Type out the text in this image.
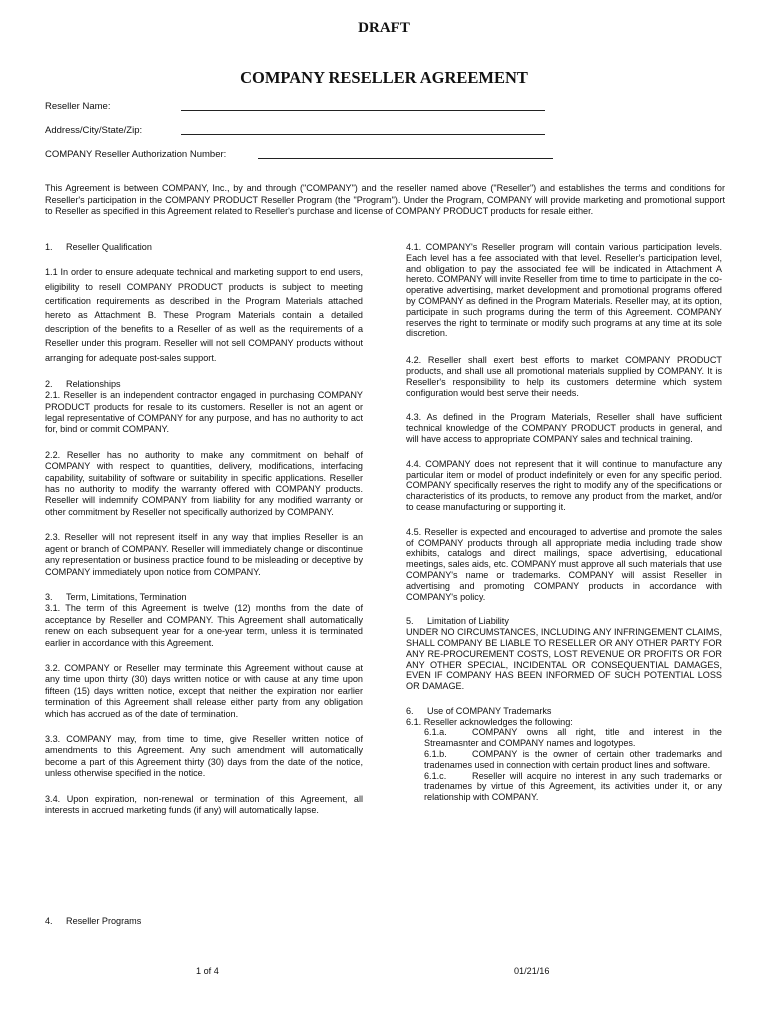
DRAFT
COMPANY RESELLER AGREEMENT
Reseller Name:
Address/City/State/Zip:
COMPANY Reseller Authorization Number:
This Agreement is between COMPANY, Inc., by and through ("COMPANY") and the reseller named above ("Reseller") and establishes the terms and conditions for Reseller's participation in the COMPANY PRODUCT Reseller Program (the "Program"). Under the Program, COMPANY will provide marketing and promotional support to Reseller as specified in this Agreement related to Reseller's purchase and license of COMPANY PRODUCT products for resale either.

1. Reseller Qualification

1.1 In order to ensure adequate technical and marketing support to end users, eligibility to resell COMPANY PRODUCT products is subject to meeting certification requirements as described in the Program Materials attached hereto as Attachment B. These Program Materials contain a detailed description of the benefits to a Reseller of as well as the requirements of a Reseller under this program. Reseller will not sell COMPANY products without arranging for adequate post-sales support.

2. Relationships

2.1. Reseller is an independent contractor engaged in purchasing COMPANY PRODUCT products for resale to its customers. Reseller is not an agent or legal representative of COMPANY for any purpose, and has no authority to act for, bind or commit COMPANY.

2.2. Reseller has no authority to make any commitment on behalf of COMPANY with respect to quantities, delivery, modifications, interfacing capability, suitability of software or suitability in specific applications. Reseller has no authority to modify the warranty offered with COMPANY products. Reseller will indemnify COMPANY from liability for any modified warranty or other commitment by Reseller not specifically authorized by COMPANY.

2.3. Reseller will not represent itself in any way that implies Reseller is an agent or branch of COMPANY. Reseller will immediately change or discontinue any representation or business practice found to be misleading or deceptive by COMPANY immediately upon notice from COMPANY.

3. Term, Limitations, Termination

3.1. The term of this Agreement is twelve (12) months from the date of acceptance by Reseller and COMPANY. This Agreement shall automatically renew on each subsequent year for a one-year term, unless it is terminated earlier in accordance with this Agreement.

3.2. COMPANY or Reseller may terminate this Agreement without cause at any time upon thirty (30) days written notice or with cause at any time upon fifteen (15) days written notice, except that neither the expiration nor earlier termination of this Agreement shall release either party from any obligation which has accrued as of the date of termination.

3.3. COMPANY may, from time to time, give Reseller written notice of amendments to this Agreement. Any such amendment will automatically become a part of this Agreement thirty (30) days from the date of the notice, unless otherwise specified in the notice.

3.4. Upon expiration, non-renewal or termination of this Agreement, all interests in accrued marketing funds (if any) will automatically lapse.

4. Reseller Programs

4.1. COMPANY's Reseller program will contain various participation levels. Each level has a fee associated with that level. Reseller's participation level, and obligation to pay the associated fee will be indicated in Attachment A hereto. COMPANY will invite Reseller from time to time to participate in the co-operative advertising, market development and promotional programs offered by COMPANY as defined in the Program Materials. Reseller may, at its option, participate in such programs during the term of this Agreement. COMPANY reserves the right to terminate or modify such programs at any time at its sole discretion.

4.2. Reseller shall exert best efforts to market COMPANY PRODUCT products, and shall use all promotional materials supplied by COMPANY. It is Reseller's responsibility to help its customers determine which system configuration would best serve their needs.

4.3. As defined in the Program Materials, Reseller shall have sufficient technical knowledge of the COMPANY PRODUCT products in general, and will have access to appropriate COMPANY sales and technical training.

4.4. COMPANY does not represent that it will continue to manufacture any particular item or model of product indefinitely or even for any specific period. COMPANY specifically reserves the right to modify any of the specifications or characteristics of its products, to remove any product from the market, and/or to cease manufacturing or supporting it.

4.5. Reseller is expected and encouraged to advertise and promote the sales of COMPANY products through all appropriate media including trade show exhibits, catalogs and direct mailings, space advertising, educational meetings, sales aids, etc. COMPANY must approve all such materials that use COMPANY's name or trademarks. COMPANY will assist Reseller in advertising and promoting COMPANY products in accordance with COMPANY's policy.

5. Limitation of Liability

UNDER NO CIRCUMSTANCES, INCLUDING ANY INFRINGEMENT CLAIMS, SHALL COMPANY BE LIABLE TO RESELLER OR ANY OTHER PARTY FOR ANY RE-PROCUREMENT COSTS, LOST REVENUE OR PROFITS OR FOR ANY OTHER SPECIAL, INCIDENTAL OR CONSEQUENTIAL DAMAGES, EVEN IF COMPANY HAS BEEN INFORMED OF SUCH POTENTIAL LOSS OR DAMAGE.

6. Use of COMPANY Trademarks

6.1. Reseller acknowledges the following:

6.1.a.	COMPANY owns all right, title and interest in the Streamasnter and COMPANY names and logotypes.

6.1.b.	COMPANY is the owner of certain other trademarks and tradenames used in connection with certain product lines and software.

6.1.c.	Reseller will acquire no interest in any such trademarks or tradenames by virtue of this Agreement, its activities under it, or any relationship with COMPANY.

1 of 4	01/21/16
